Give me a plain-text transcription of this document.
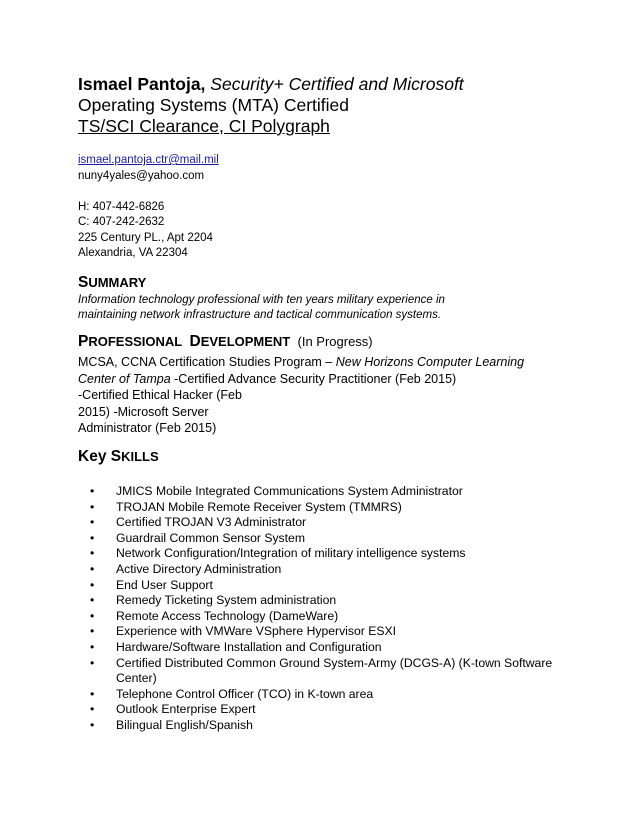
Ismael Pantoja, Security+ Certified and Microsoft

Operating Systems (MTA) Certified

TS/SCI Clearance, CI Polygraph
ismael.pantoja.ctr@mail.mil
nuny4yales@yahoo.com
H: 407-442-6826
C: 407-242-2632
225 Century PL., Apt 2204
Alexandria, VA 22304
SUMMARY
Information technology professional with ten years military experience in
maintaining network infrastructure and tactical communication systems.
PROFESSIONAL DEVELOPMENT (In Progress)
MCSA, CCNA Certification Studies Program – New Horizons Computer Learning
Center of Tampa -Certified Advance Security Practitioner (Feb 2015)
-Certified Ethical Hacker (Feb
2015) -Microsoft Server
Administrator (Feb 2015)
Key SKILLS
• JMICS Mobile Integrated Communications System Administrator
• TROJAN Mobile Remote Receiver System (TMMRS)
• Certified TROJAN V3 Administrator
• Guardrail Common Sensor System
• Network Configuration/Integration of military intelligence systems
• Active Directory Administration
• End User Support
• Remedy Ticketing System administration
• Remote Access Technology (DameWare)
• Experience with VMWare VSphere Hypervisor ESXI
• Hardware/Software Installation and Configuration
• Certified Distributed Common Ground System-Army (DCGS-A) (K-town Software Center)
• Telephone Control Officer (TCO) in K-town area
• Outlook Enterprise Expert
• Bilingual English/Spanish
